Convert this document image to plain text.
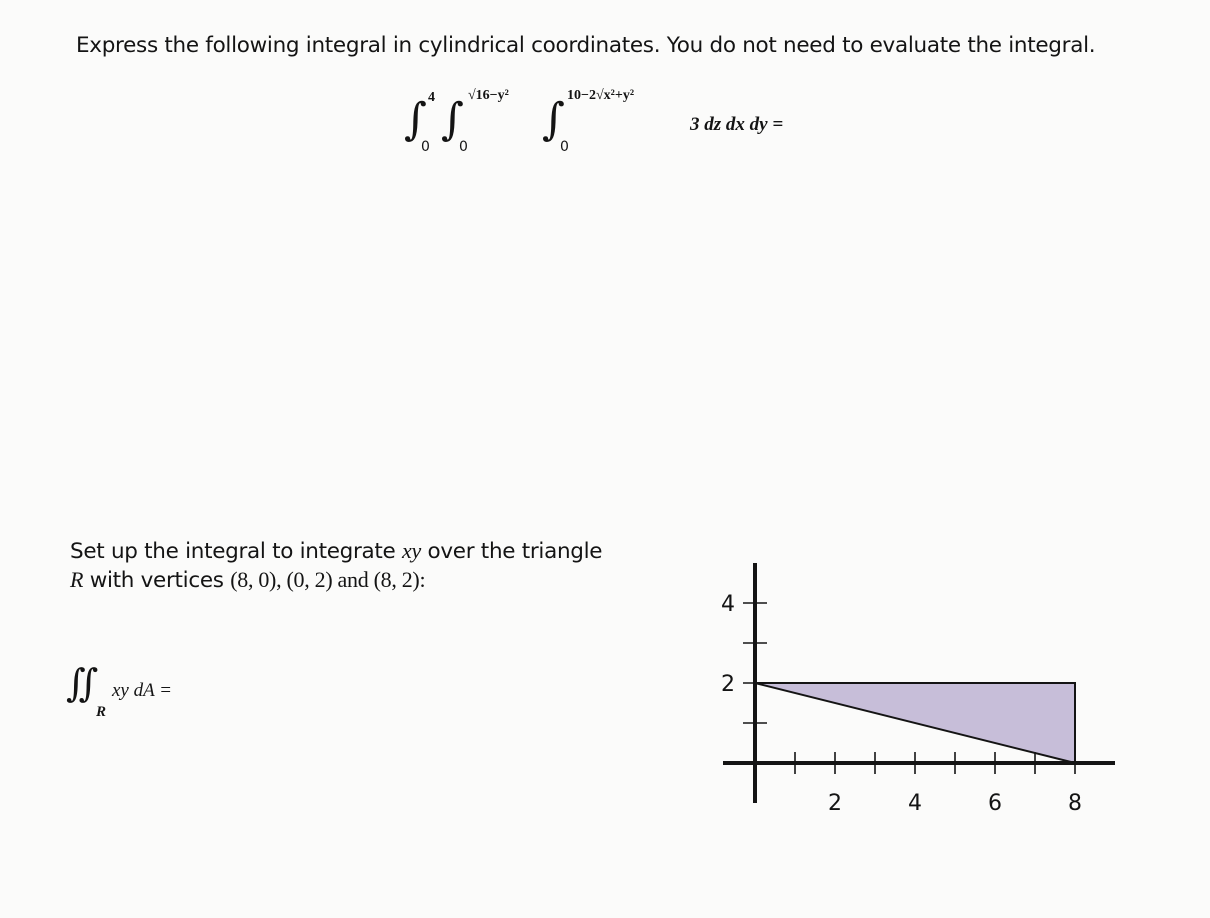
Express the following integral in cylindrical coordinates. You do not need to evaluate the integral.
∫ 4
0
∫ √16−y²
0
∫ 10−2√x²+y²
0
3 dz dx dy =
Set up the integral to integrate xy over the triangle
R with vertices (8, 0), (0, 2) and (8, 2):
∬
R
xy dA =
2	4	6	8
2
4
